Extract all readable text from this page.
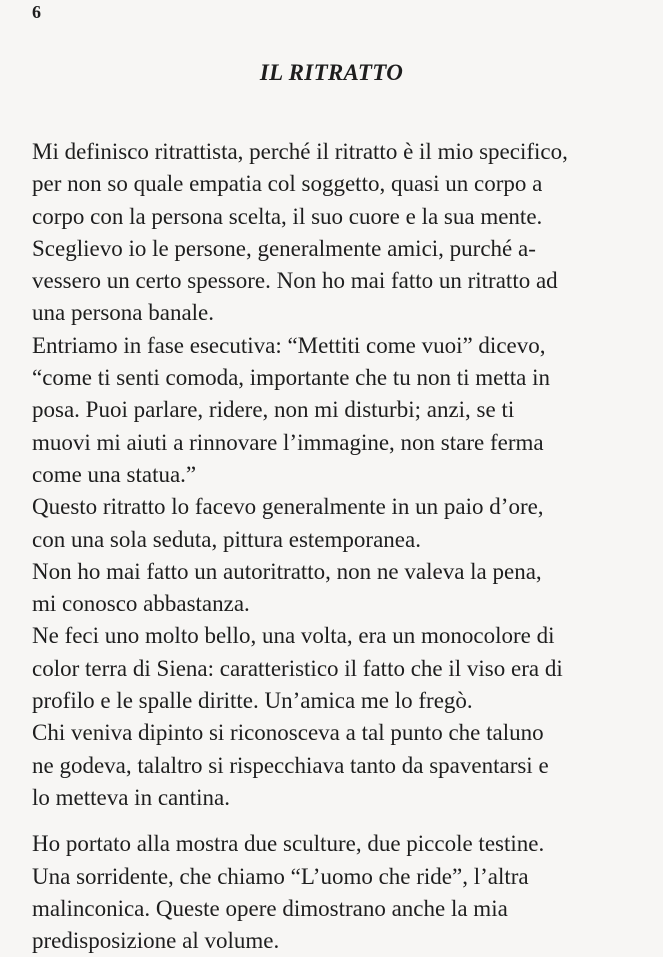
6
IL RITRATTO
Mi definisco ritrattista, perché il ritratto è il mio specifico,
per non so quale empatia col soggetto, quasi un corpo a
corpo con la persona scelta, il suo cuore e la sua mente.
Sceglievo io le persone, generalmente amici, purché a-
vessero un certo spessore. Non ho mai fatto un ritratto ad
una persona banale.
Entriamo in fase esecutiva: “Mettiti come vuoi” dicevo,
“come ti senti comoda, importante che tu non ti metta in
posa. Puoi parlare, ridere, non mi disturbi; anzi, se ti
muovi mi aiuti a rinnovare l’immagine, non stare ferma
come una statua.”
Questo ritratto lo facevo generalmente in un paio d’ore,
con una sola seduta, pittura estemporanea.
Non ho mai fatto un autoritratto, non ne valeva la pena,
mi conosco abbastanza.
Ne feci uno molto bello, una volta, era un monocolore di
color terra di Siena: caratteristico il fatto che il viso era di
profilo e le spalle diritte. Un’amica me lo fregò.
Chi veniva dipinto si riconosceva a tal punto che taluno
ne godeva, talaltro si rispecchiava tanto da spaventarsi e
lo metteva in cantina.
Ho portato alla mostra due sculture, due piccole testine.
Una sorridente, che chiamo “L’uomo che ride”, l’altra
malinconica. Queste opere dimostrano anche la mia
predisposizione al volume.
